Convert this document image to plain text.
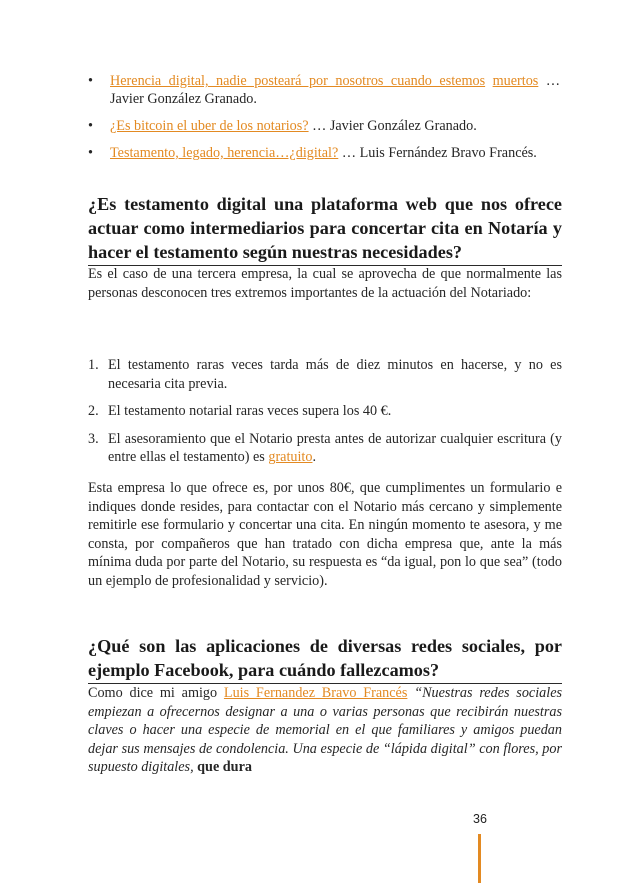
• Herencia digital, nadie posteará por nosotros cuando estemos muertos … Javier González Granado.
• ¿Es bitcoin el uber de los notarios? … Javier González Granado.
• Testamento, legado, herencia…¿digital? … Luis Fernández Bravo Francés.
¿Es testamento digital una plataforma web que nos ofrece actuar como intermediarios para concertar cita en Notaría y hacer el testamento según nuestras necesidades?

Es el caso de una tercera empresa, la cual se aprovecha de que normalmente las personas desconocen tres extremos importantes de la actuación del Notariado:

1. El testamento raras veces tarda más de diez minutos en hacerse, y no es necesaria cita previa.
2. El testamento notarial raras veces supera los 40 €.
3. El asesoramiento que el Notario presta antes de autorizar cualquier escritura (y entre ellas el testamento) es gratuito.

Esta empresa lo que ofrece es, por unos 80€, que cumplimentes un formulario e indiques donde resides, para contactar con el Notario más cercano y simplemente remitirle ese formulario y concertar una cita. En ningún momento te asesora, y me consta, por compañeros que han tratado con dicha empresa que, ante la más mínima duda por parte del Notario, su respuesta es “da igual, pon lo que sea” (todo un ejemplo de profesionalidad y servicio).

¿Qué son las aplicaciones de diversas redes sociales, por ejemplo Facebook, para cuándo fallezcamos?

Como dice mi amigo Luis Fernandez Bravo Francés “Nuestras redes sociales empiezan a ofrecernos designar a una o varias personas que recibirán nuestras claves o hacer una especie de memorial en el que familiares y amigos puedan dejar sus mensajes de condolencia. Una especie de “lápida digital” con flores, por supuesto digitales, que dura

36
